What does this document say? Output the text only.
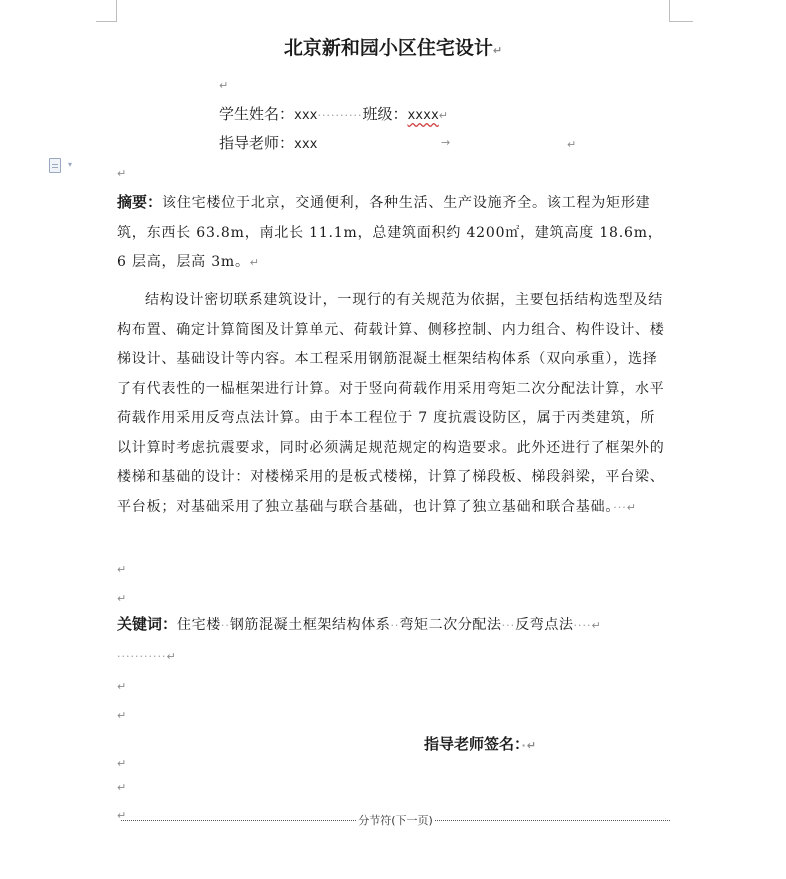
北京新和园小区住宅设计↵
↵
学生姓名：xxx··········班级：xxxx↵
指导老师：xxx	→	↵
▾
↵
摘要：该住宅楼位于北京，交通便利，各种生活、生产设施齐全。该工程为矩形建筑，东西长 63.8m，南北长 11.1m，总建筑面积约 4200㎡，建筑高度 18.6m，6 层高，层高 3m。↵
结构设计密切联系建筑设计，一现行的有关规范为依据，主要包括结构选型及结构布置、确定计算简图及计算单元、荷载计算、侧移控制、内力组合、构件设计、楼梯设计、基础设计等内容。本工程采用钢筋混凝土框架结构体系（双向承重），选择了有代表性的一榀框架进行计算。对于竖向荷载作用采用弯矩二次分配法计算，水平荷载作用采用反弯点法计算。由于本工程位于 7 度抗震设防区，属于丙类建筑，所以计算时考虑抗震要求，同时必须满足规范规定的构造要求。此外还进行了框架外的楼梯和基础的设计：对楼梯采用的是板式楼梯，计算了梯段板、梯段斜梁，平台梁、平台板；对基础采用了独立基础与联合基础，也计算了独立基础和联合基础。···↵
↵
↵
关键词：住宅楼··钢筋混凝土框架结构体系··弯矩二次分配法···反弯点法····↵
···········↵
↵
↵
指导老师签名：·↵
↵
↵
↵	分节符(下一页)
